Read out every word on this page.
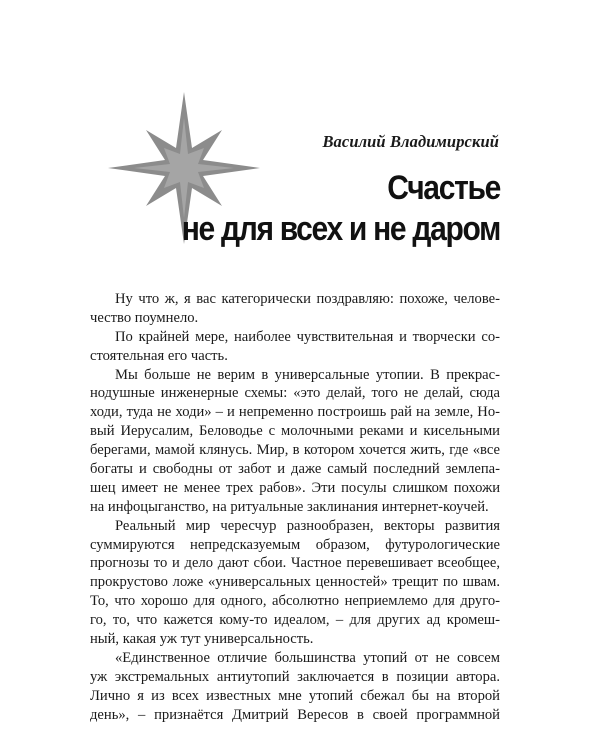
Василий Владимирский
Счастье
не для всех и не даром
Ну что ж, я вас категорически поздравляю: похоже, челове-
чество поумнело.
По крайней мере, наиболее чувствительная и творчески со-
стоятельная его часть.
Мы больше не верим в универсальные утопии. В прекрас-
нодушные инженерные схемы: «это делай, того не делай, сюда
ходи, туда не ходи» – и непременно построишь рай на земле, Но-
вый Иерусалим, Беловодье с молочными реками и кисельными
берегами, мамой клянусь. Мир, в котором хочется жить, где «все
богаты и свободны от забот и даже самый последний землепа-
шец имеет не менее трех рабов». Эти посулы слишком похожи
на инфоцыганство, на ритуальные заклинания интернет-коучей.
Реальный мир чересчур разнообразен, векторы развития
суммируются непредсказуемым образом, футурологические
прогнозы то и дело дают сбои. Частное перевешивает всеобщее,
прокрустово ложе «универсальных ценностей» трещит по швам.
То, что хорошо для одного, абсолютно неприемлемо для друго-
го, то, что кажется кому-то идеалом, – для других ад кромеш-
ный, какая уж тут универсальность.
«Единственное отличие большинства утопий от не совсем
уж экстремальных антиутопий заключается в позиции автора.
Лично я из всех известных мне утопий сбежал бы на второй
день», – признаётся Дмитрий Вересов в своей программной
